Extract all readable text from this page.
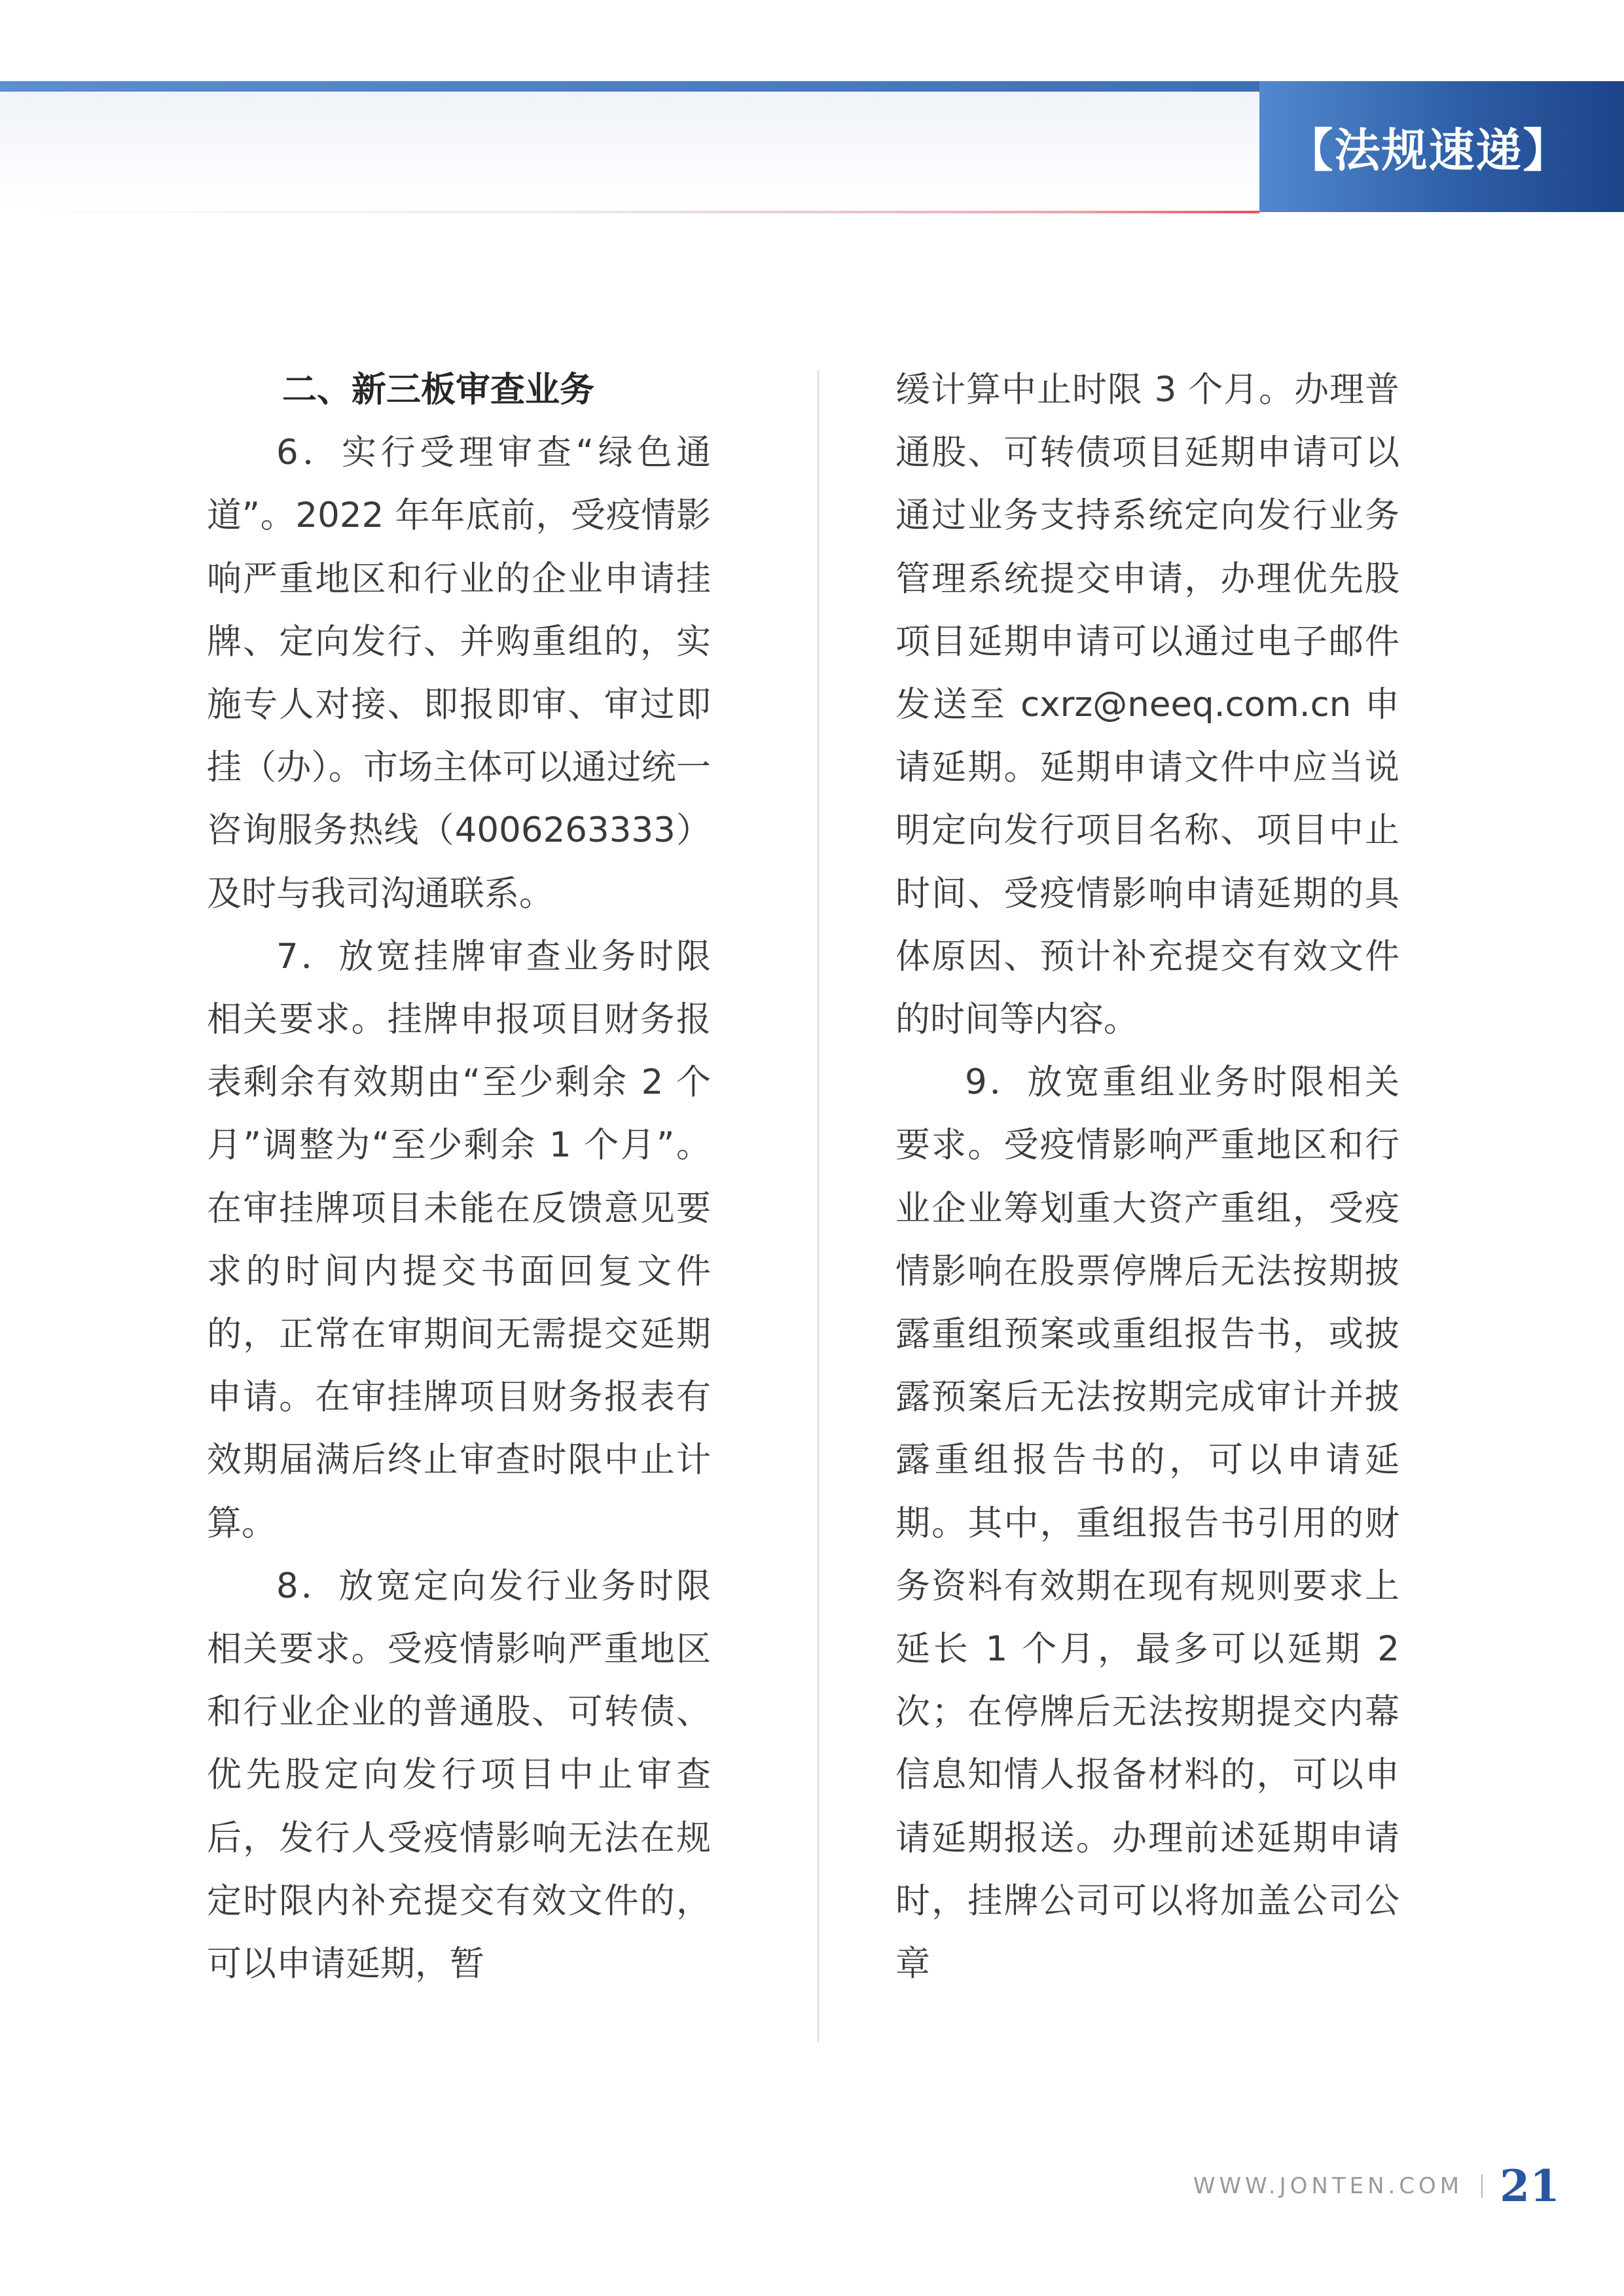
【法规速递】

二、新三板审查业务

6．实行受理审查“绿色通道”。2022 年年底前，受疫情影响严重地区和行业的企业申请挂牌、定向发行、并购重组的，实施专人对接、即报即审、审过即挂（办）。市场主体可以通过统一咨询服务热线（4006263333）及时与我司沟通联系。

7．放宽挂牌审查业务时限相关要求。挂牌申报项目财务报表剩余有效期由“至少剩余 2 个月”调整为“至少剩余 1 个月”。在审挂牌项目未能在反馈意见要求的时间内提交书面回复文件的，正常在审期间无需提交延期申请。在审挂牌项目财务报表有效期届满后终止审查时限中止计算。

8．放宽定向发行业务时限相关要求。受疫情影响严重地区和行业企业的普通股、可转债、优先股定向发行项目中止审查后，发行人受疫情影响无法在规定时限内补充提交有效文件的，可以申请延期，暂

缓计算中止时限 3 个月。办理普通股、可转债项目延期申请可以通过业务支持系统定向发行业务管理系统提交申请，办理优先股项目延期申请可以通过电子邮件发送至 cxrz@neeq.com.cn 申请延期。延期申请文件中应当说明定向发行项目名称、项目中止时间、受疫情影响申请延期的具体原因、预计补充提交有效文件的时间等内容。

9．放宽重组业务时限相关要求。受疫情影响严重地区和行业企业筹划重大资产重组，受疫情影响在股票停牌后无法按期披露重组预案或重组报告书，或披露预案后无法按期完成审计并披露重组报告书的，可以申请延期。其中，重组报告书引用的财务资料有效期在现有规则要求上延长 1 个月，最多可以延期 2 次；在停牌后无法按期提交内幕信息知情人报备材料的，可以申请延期报送。办理前述延期申请时，挂牌公司可以将加盖公司公章

WWW.JONTEN.COM 21
